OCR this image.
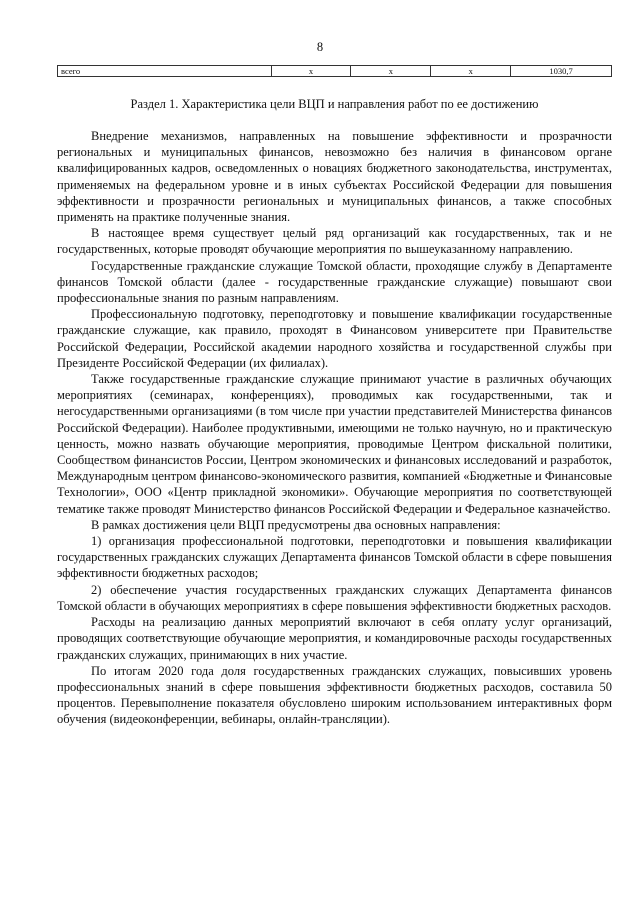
8
всего	х	х	х	1030,7
Раздел 1. Характеристика цели ВЦП и направления работ по ее достижению

Внедрение механизмов, направленных на повышение эффективности и прозрачности региональных и муниципальных финансов, невозможно без наличия в финансовом органе квалифицированных кадров, осведомленных о новациях бюджетного законодательства, инструментах, применяемых на федеральном уровне и в иных субъектах Российской Федерации для повышения эффективности и прозрачности региональных и муниципальных финансов, а также способных применять на практике полученные знания.

В настоящее время существует целый ряд организаций как государственных, так и не государственных, которые проводят обучающие мероприятия по вышеуказанному направлению.

Государственные гражданские служащие Томской области, проходящие службу в Департаменте финансов Томской области (далее - государственные гражданские служащие) повышают свои профессиональные знания по разным направлениям.

Профессиональную подготовку, переподготовку и повышение квалификации государственные гражданские служащие, как правило, проходят в Финансовом университете при Правительстве Российской Федерации, Российской академии народного хозяйства и государственной службы при Президенте Российской Федерации (их филиалах).

Также государственные гражданские служащие принимают участие в различных обучающих мероприятиях (семинарах, конференциях), проводимых как государственными, так и негосударственными организациями (в том числе при участии представителей Министерства финансов Российской Федерации). Наиболее продуктивными, имеющими не только научную, но и практическую ценность, можно назвать обучающие мероприятия, проводимые Центром фискальной политики, Сообществом финансистов России, Центром экономических и финансовых исследований и разработок, Международным центром финансово-экономического развития, компанией «Бюджетные и Финансовые Технологии», ООО «Центр прикладной экономики». Обучающие мероприятия по соответствующей тематике также проводят Министерство финансов Российской Федерации и Федеральное казначейство.

В рамках достижения цели ВЦП предусмотрены два основных направления:

1) организация профессиональной подготовки, переподготовки и повышения квалификации государственных гражданских служащих Департамента финансов Томской области в сфере повышения эффективности бюджетных расходов;

2) обеспечение участия государственных гражданских служащих Департамента финансов Томской области в обучающих мероприятиях в сфере повышения эффективности бюджетных расходов.

Расходы на реализацию данных мероприятий включают в себя оплату услуг организаций, проводящих соответствующие обучающие мероприятия, и командировочные расходы государственных гражданских служащих, принимающих в них участие.

По итогам 2020 года доля государственных гражданских служащих, повысивших уровень профессиональных знаний в сфере повышения эффективности бюджетных расходов, составила 50 процентов. Перевыполнение показателя обусловлено широким использованием интерактивных форм обучения (видеоконференции, вебинары, онлайн-трансляции).
